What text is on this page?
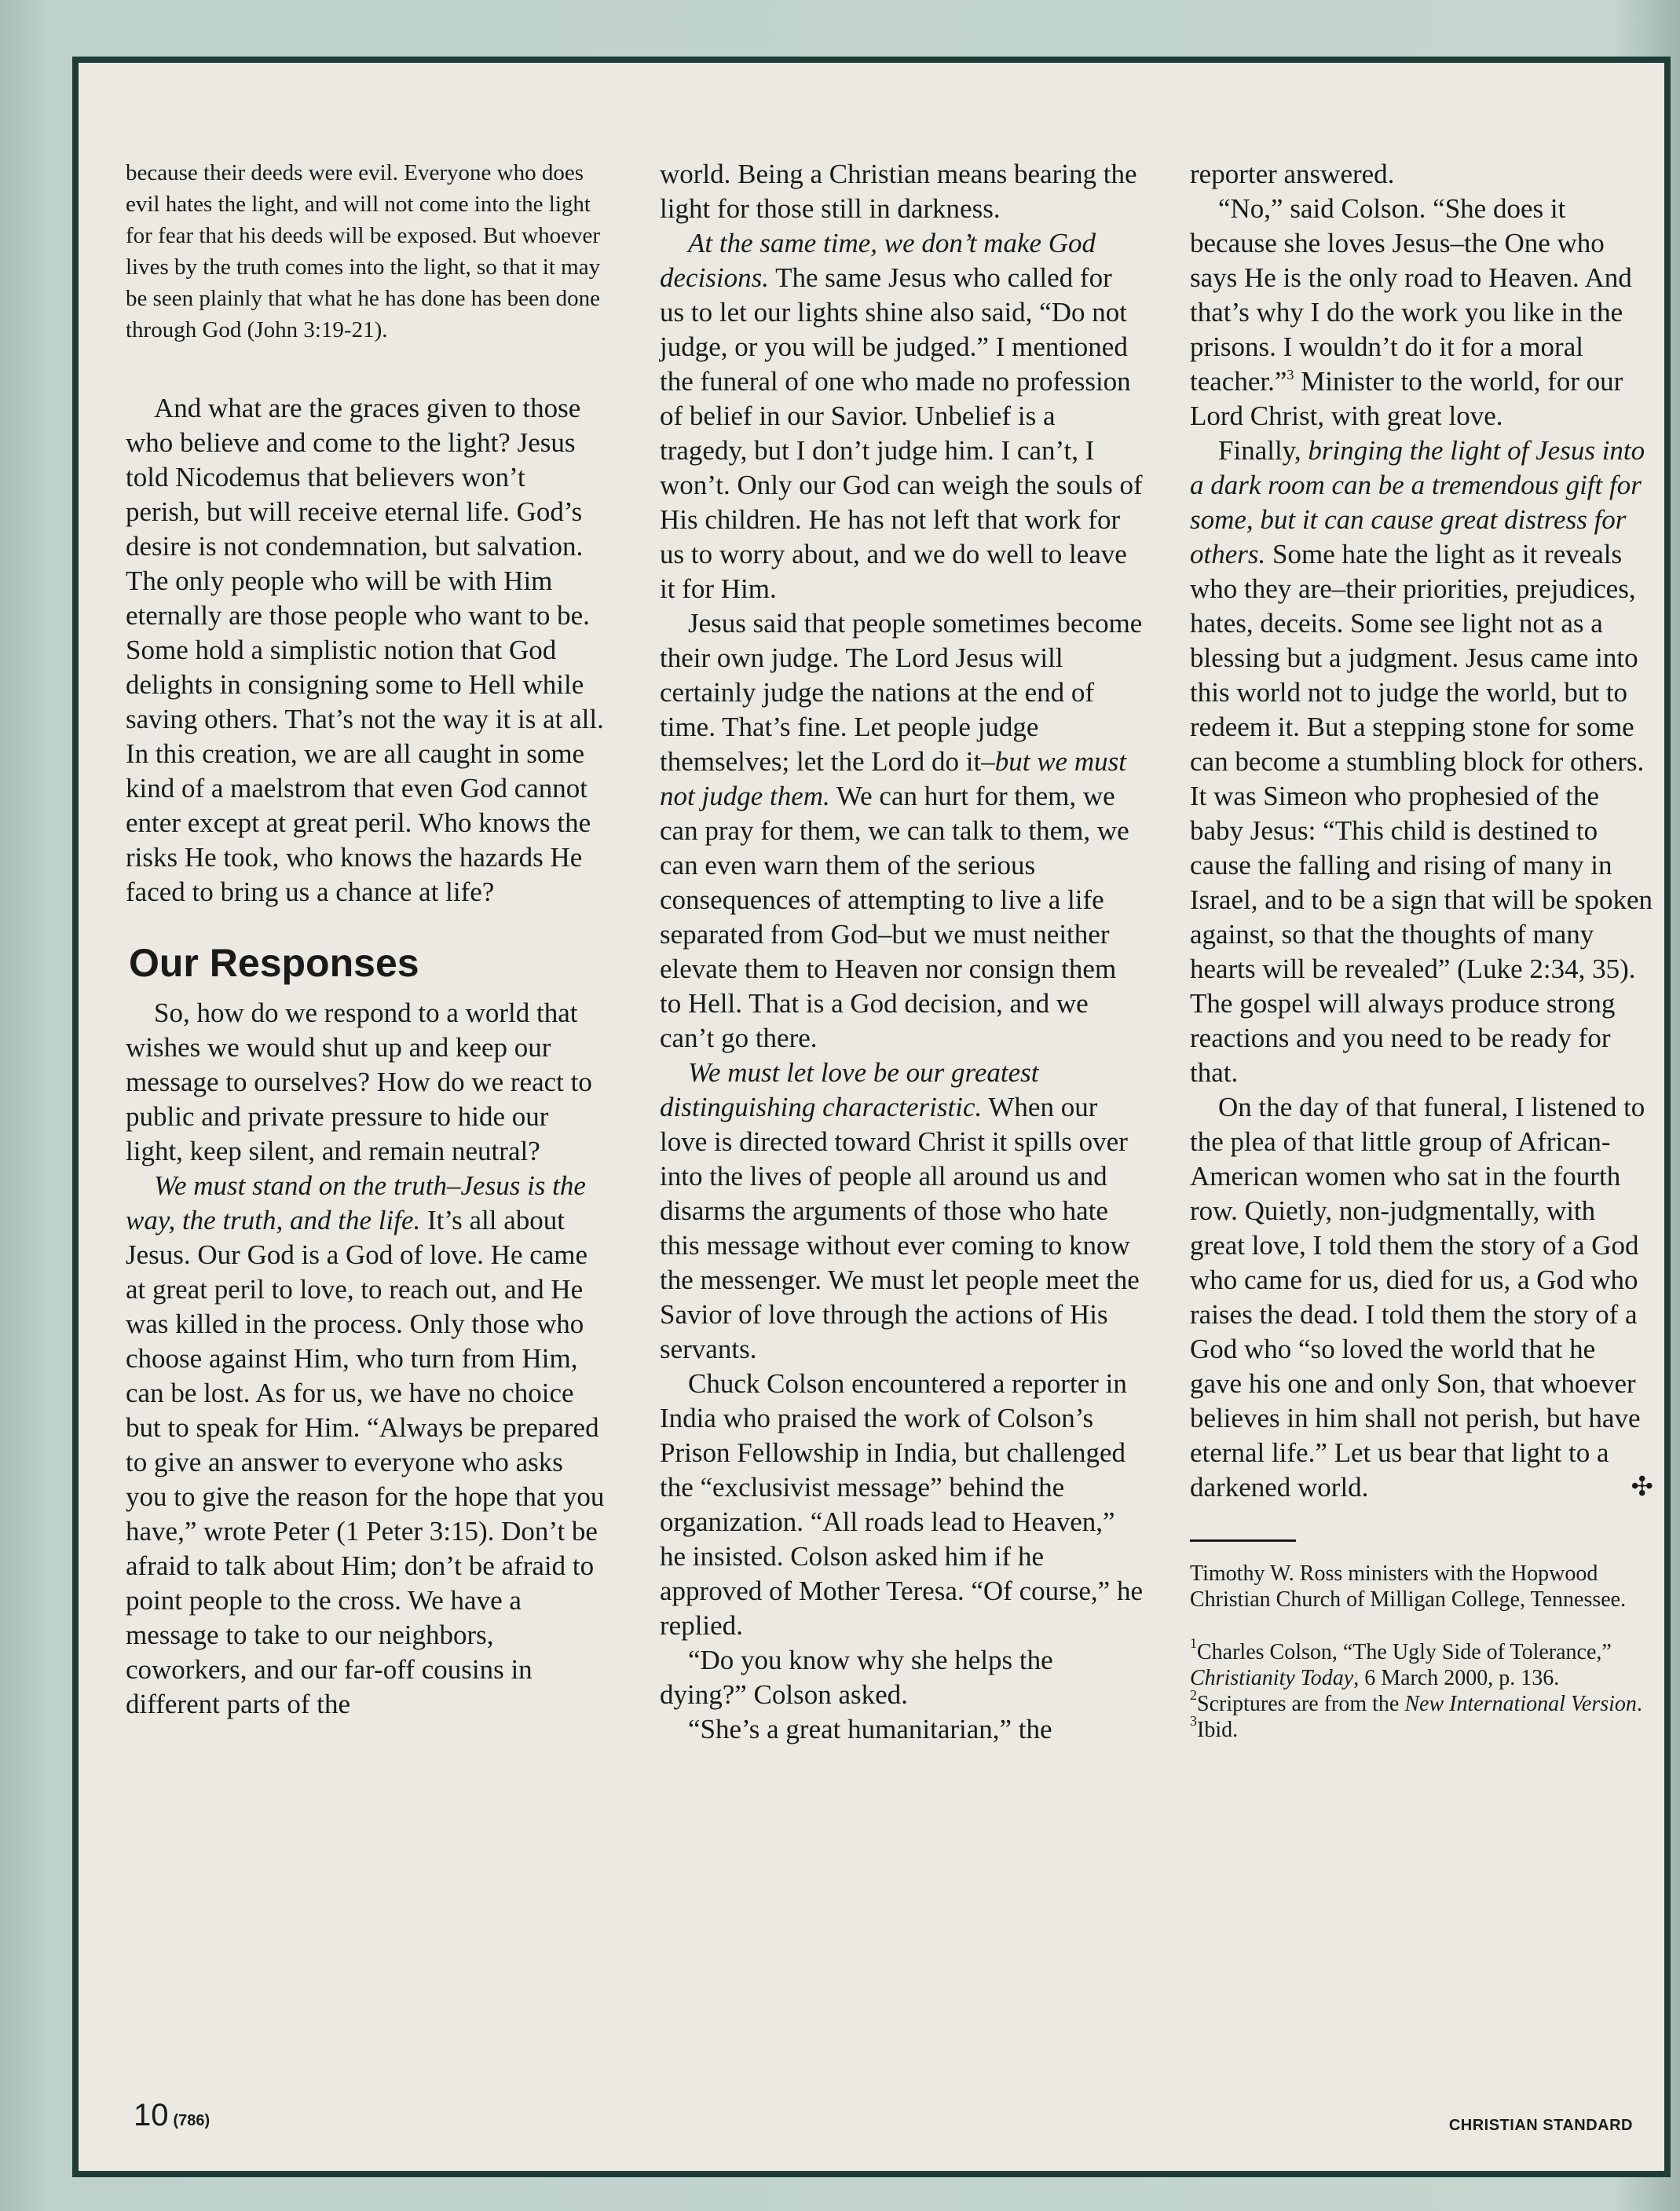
because their deeds were evil. Everyone who does evil hates the light, and will not come into the light for fear that his deeds will be exposed. But whoever lives by the truth comes into the light, so that it may be seen plainly that what he has done has been done through God (John 3:19-21).

And what are the graces given to those who believe and come to the light? Jesus told Nicodemus that believers won’t perish, but will receive eternal life. God’s desire is not condemnation, but salvation. The only people who will be with Him eternally are those people who want to be. Some hold a simplistic notion that God delights in consigning some to Hell while saving others. That’s not the way it is at all. In this creation, we are all caught in some kind of a maelstrom that even God cannot enter except at great peril. Who knows the risks He took, who knows the hazards He faced to bring us a chance at life?

Our Responses

So, how do we respond to a world that wishes we would shut up and keep our message to ourselves? How do we react to public and private pressure to hide our light, keep silent, and remain neutral?

We must stand on the truth–Jesus is the way, the truth, and the life. It’s all about Jesus. Our God is a God of love. He came at great peril to love, to reach out, and He was killed in the process. Only those who choose against Him, who turn from Him, can be lost. As for us, we have no choice but to speak for Him. “Always be prepared to give an answer to everyone who asks you to give the reason for the hope that you have,” wrote Peter (1 Peter 3:15). Don’t be afraid to talk about Him; don’t be afraid to point people to the cross. We have a message to take to our neighbors, coworkers, and our far-off cousins in different parts of the

world. Being a Christian means bearing the light for those still in darkness.

At the same time, we don’t make God decisions. The same Jesus who called for us to let our lights shine also said, “Do not judge, or you will be judged.” I mentioned the funeral of one who made no profession of belief in our Savior. Unbelief is a tragedy, but I don’t judge him. I can’t, I won’t. Only our God can weigh the souls of His children. He has not left that work for us to worry about, and we do well to leave it for Him.

Jesus said that people sometimes become their own judge. The Lord Jesus will certainly judge the nations at the end of time. That’s fine. Let people judge themselves; let the Lord do it–but we must not judge them. We can hurt for them, we can pray for them, we can talk to them, we can even warn them of the serious consequences of attempting to live a life separated from God–but we must neither elevate them to Heaven nor consign them to Hell. That is a God decision, and we can’t go there.

We must let love be our greatest distinguishing characteristic. When our love is directed toward Christ it spills over into the lives of people all around us and disarms the arguments of those who hate this message without ever coming to know the messenger. We must let people meet the Savior of love through the actions of His servants.

Chuck Colson encountered a reporter in India who praised the work of Colson’s Prison Fellowship in India, but challenged the “exclusivist message” behind the organization. “All roads lead to Heaven,” he insisted. Colson asked him if he approved of Mother Teresa. “Of course,” he replied.

“Do you know why she helps the dying?” Colson asked.

“She’s a great humanitarian,” the

reporter answered.

“No,” said Colson. “She does it because she loves Jesus–the One who says He is the only road to Heaven. And that’s why I do the work you like in the prisons. I wouldn’t do it for a moral teacher.”$^3$ Minister to the world, for our Lord Christ, with great love.

Finally, bringing the light of Jesus into a dark room can be a tremendous gift for some, but it can cause great distress for others. Some hate the light as it reveals who they are–their priorities, prejudices, hates, deceits. Some see light not as a blessing but a judgment. Jesus came into this world not to judge the world, but to redeem it. But a stepping stone for some can become a stumbling block for others. It was Simeon who prophesied of the baby Jesus: “This child is destined to cause the falling and rising of many in Israel, and to be a sign that will be spoken against, so that the thoughts of many hearts will be revealed” (Luke 2:34, 35). The gospel will always produce strong reactions and you need to be ready for that.

On the day of that funeral, I listened to the plea of that little group of African-American women who sat in the fourth row. Quietly, non-judgmentally, with great love, I told them the story of a God who came for us, died for us, a God who raises the dead. I told them the story of a God who “so loved the world that he gave his one and only Son, that whoever believes in him shall not perish, but have eternal life.” Let us bear that light to a darkened world.	✣

Timothy W. Ross ministers with the Hopwood Christian Church of Milligan College, Tennessee.

$^1$Charles Colson, “The Ugly Side of Tolerance,” Christianity Today, 6 March 2000, p. 136.

$^2$Scriptures are from the New International Version.

$^3$Ibid.

10 (786)	CHRISTIAN STANDARD
